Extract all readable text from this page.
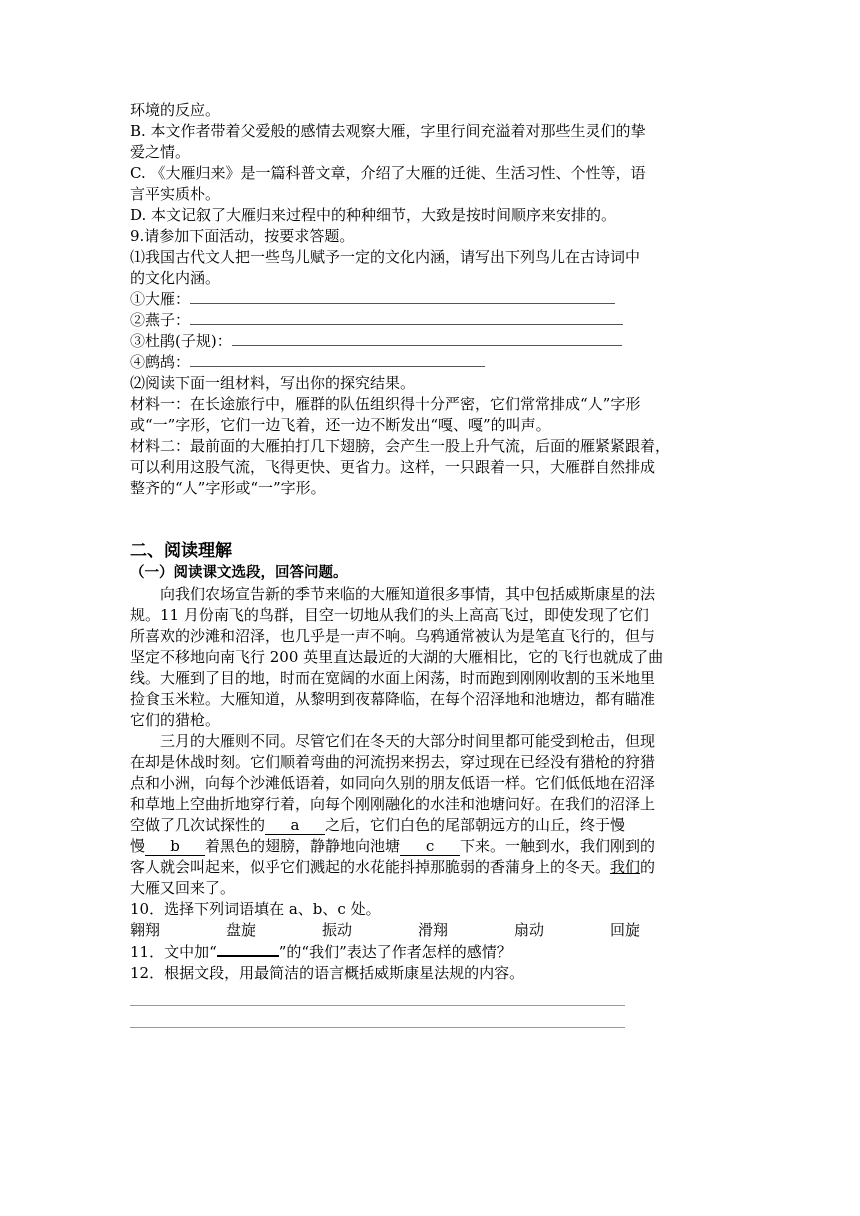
环境的反应。
B. 本文作者带着父爱般的感情去观察大雁，字里行间充溢着对那些生灵们的挚
爱之情。
C. 《大雁归来》是一篇科普文章，介绍了大雁的迁徙、生活习性、个性等，语
言平实质朴。
D. 本文记叙了大雁归来过程中的种种细节，大致是按时间顺序来安排的。
9.请参加下面活动，按要求答题。
⑴我国古代文人把一些鸟儿赋予一定的文化内涵，请写出下列鸟儿在古诗词中
的文化内涵。
①大雁：
②燕子：
③杜鹃(子规)：
④鹧鸪：
⑵阅读下面一组材料，写出你的探究结果。
材料一：在长途旅行中，雁群的队伍组织得十分严密，它们常常排成“人”字形
或“一”字形，它们一边飞着，还一边不断发出“嘎、嘎”的叫声。
材料二：最前面的大雁拍打几下翅膀，会产生一股上升气流，后面的雁紧紧跟着，
可以利用这股气流，飞得更快、更省力。这样，一只跟着一只，大雁群自然排成
整齐的“人”字形或“一”字形。
二、阅读理解
（一）阅读课文选段，回答问题。
向我们农场宣告新的季节来临的大雁知道很多事情，其中包括威斯康星的法
规。11 月份南飞的鸟群，目空一切地从我们的头上高高飞过，即使发现了它们
所喜欢的沙滩和沼泽，也几乎是一声不响。乌鸦通常被认为是笔直飞行的，但与
坚定不移地向南飞行 200 英里直达最近的大湖的大雁相比，它的飞行也就成了曲
线。大雁到了目的地，时而在宽阔的水面上闲荡，时而跑到刚刚收割的玉米地里
捡食玉米粒。大雁知道，从黎明到夜幕降临，在每个沼泽地和池塘边，都有瞄准
它们的猎枪。
三月的大雁则不同。尽管它们在冬天的大部分时间里都可能受到枪击，但现
在却是休战时刻。它们顺着弯曲的河流拐来拐去，穿过现在已经没有猎枪的狩猎
点和小洲，向每个沙滩低语着，如同向久别的朋友低语一样。它们低低地在沼泽
和草地上空曲折地穿行着，向每个刚刚融化的水洼和池塘问好。在我们的沼泽上
空做了几次试探性的 a 之后，它们白色的尾部朝远方的山丘，终于慢
慢 b 着黑色的翅膀，静静地向池塘 c 下来。一触到水，我们刚到的
客人就会叫起来，似乎它们溅起的水花能抖掉那脆弱的香蒲身上的冬天。我们的
大雁又回来了。
10．选择下列词语填在 a、b、c 处。
翱翔	盘旋	振动	滑翔	扇动	回旋
11．文中加“	”的“我们”表达了作者怎样的感情？
12．根据文段，用最简洁的语言概括威斯康星法规的内容。
